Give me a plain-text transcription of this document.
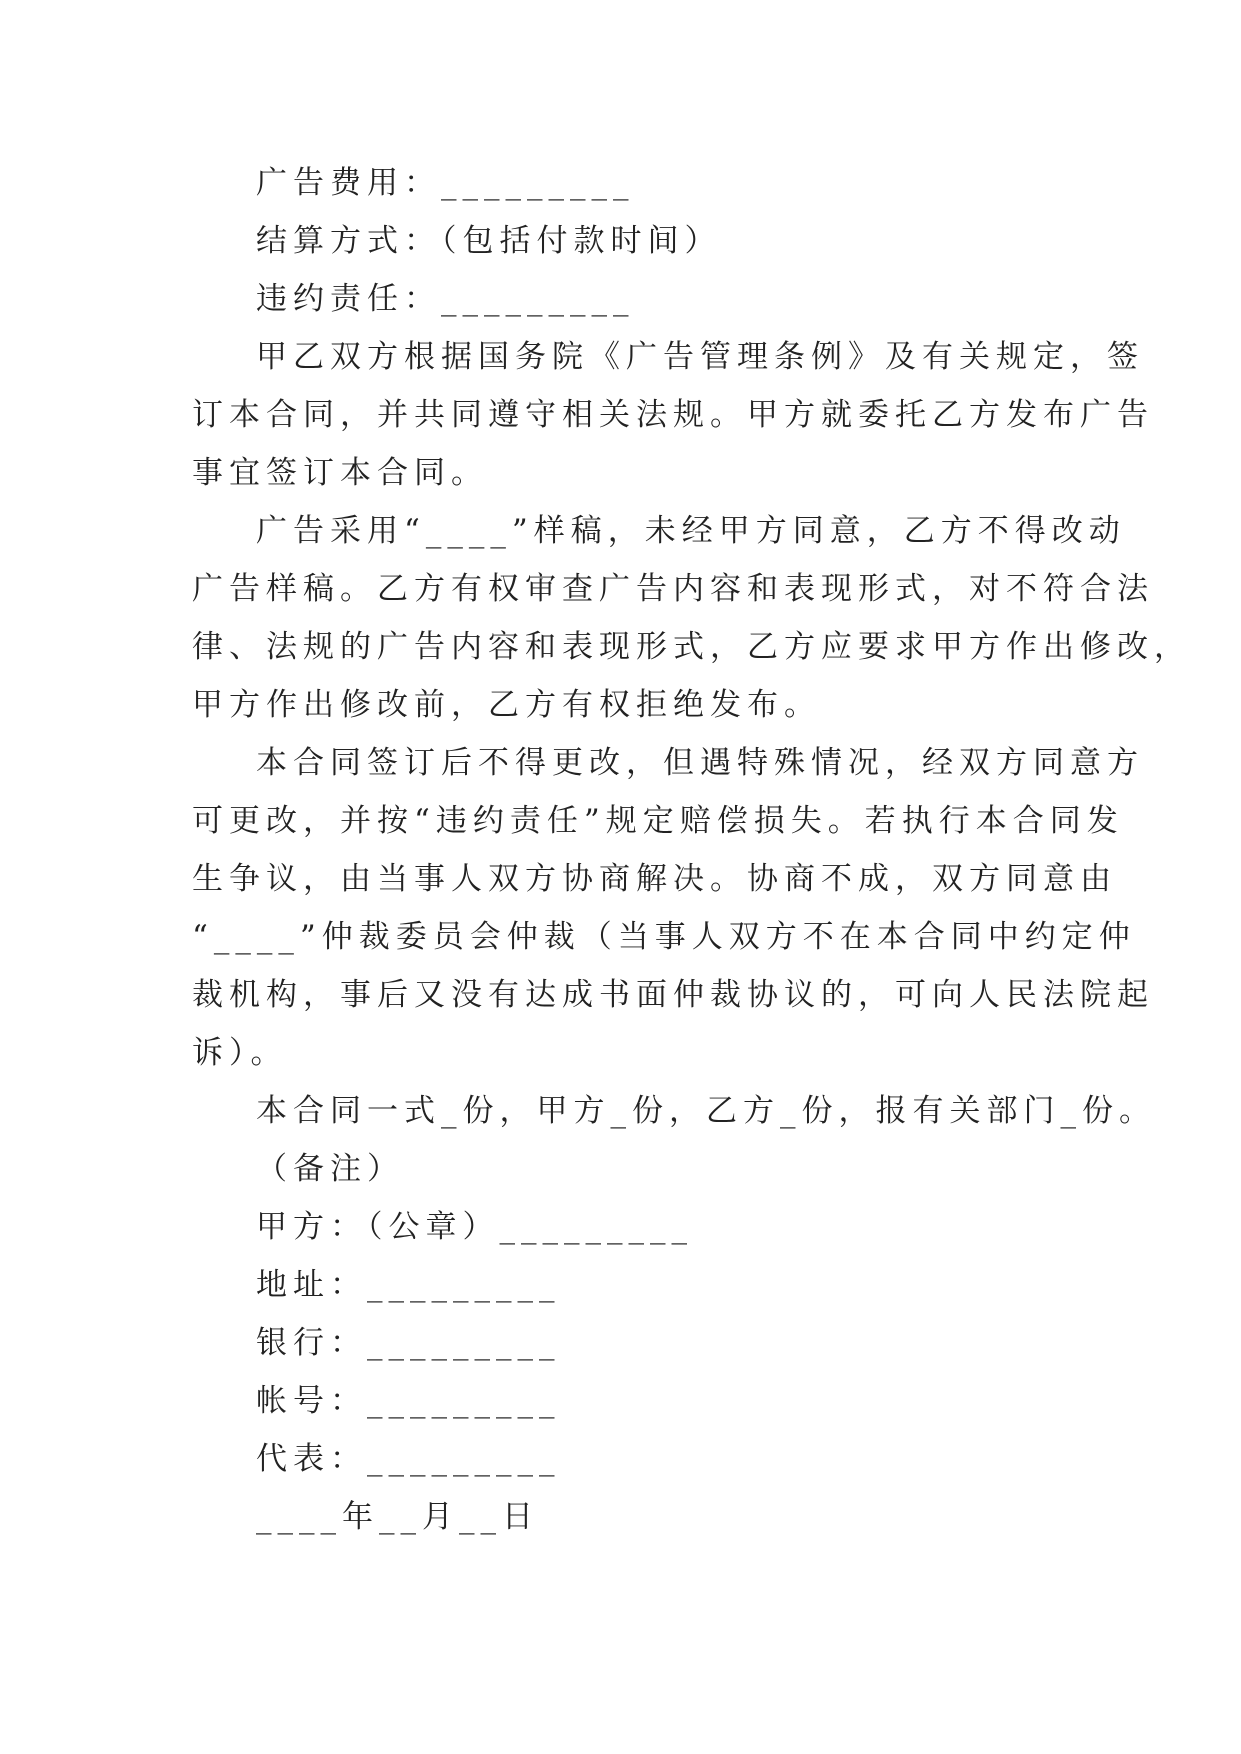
广告费用：_________
结算方式：（包括付款时间）
违约责任：_________

甲乙双方根据国务院《广告管理条例》及有关规定，签

订本合同，并共同遵守相关法规。甲方就委托乙方发布广告

事宜签订本合同。

广告采用“____”样稿，未经甲方同意，乙方不得改动

广告样稿。乙方有权审查广告内容和表现形式，对不符合法

律、法规的广告内容和表现形式，乙方应要求甲方作出修改，

甲方作出修改前，乙方有权拒绝发布。

本合同签订后不得更改，但遇特殊情况，经双方同意方

可更改，并按“违约责任”规定赔偿损失。若执行本合同发

生争议，由当事人双方协商解决。协商不成，双方同意由

“____”仲裁委员会仲裁（当事人双方不在本合同中约定仲

裁机构，事后又没有达成书面仲裁协议的，可向人民法院起

诉）。

本合同一式_份，甲方_份，乙方_份，报有关部门_份。
（备注）
甲方：（公章）_________
地址：_________
银行：_________
帐号：_________
代表：_________
____年__月__日
